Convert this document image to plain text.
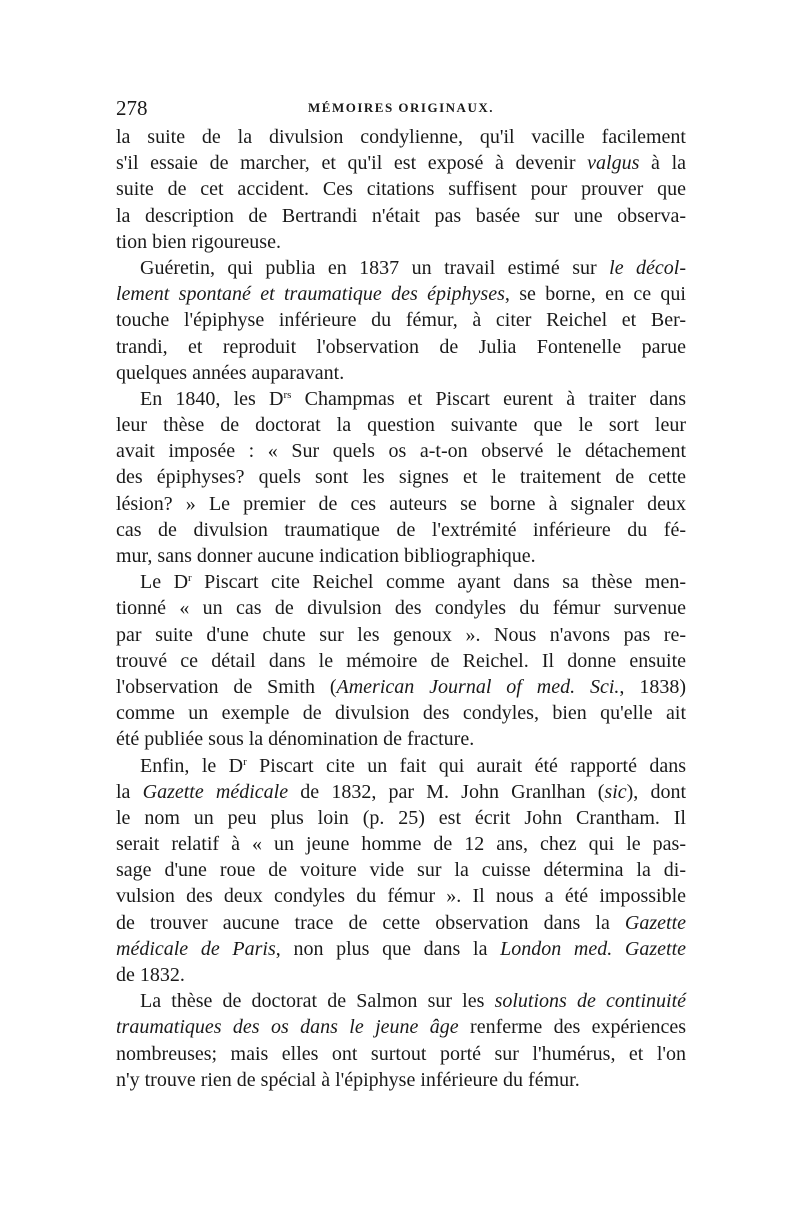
278	MÉMOIRES ORIGINAUX.
la suite de la divulsion condylienne, qu'il vacille facilement
s'il essaie de marcher, et qu'il est exposé à devenir valgus à la
suite de cet accident. Ces citations suffisent pour prouver que
la description de Bertrandi n'était pas basée sur une observa-
tion bien rigoureuse.
Guéretin, qui publia en 1837 un travail estimé sur le décol-
lement spontané et traumatique des épiphyses, se borne, en ce qui
touche l'épiphyse inférieure du fémur, à citer Reichel et Ber-
trandi, et reproduit l'observation de Julia Fontenelle parue
quelques années auparavant.
En 1840, les $D^{rs}$ Champmas et Piscart eurent à traiter dans
leur thèse de doctorat la question suivante que le sort leur
avait imposée : « Sur quels os a-t-on observé le détachement
des épiphyses? quels sont les signes et le traitement de cette
lésion? » Le premier de ces auteurs se borne à signaler deux
cas de divulsion traumatique de l'extrémité inférieure du fé-
mur, sans donner aucune indication bibliographique.
Le $D^r$ Piscart cite Reichel comme ayant dans sa thèse men-
tionné « un cas de divulsion des condyles du fémur survenue
par suite d'une chute sur les genoux ». Nous n'avons pas re-
trouvé ce détail dans le mémoire de Reichel. Il donne ensuite
l'observation de Smith (American Journal of med. Sci., 1838)
comme un exemple de divulsion des condyles, bien qu'elle ait
été publiée sous la dénomination de fracture.
Enfin, le $D^r$ Piscart cite un fait qui aurait été rapporté dans
la Gazette médicale de 1832, par M. John Granlhan (sic), dont
le nom un peu plus loin (p. 25) est écrit John Crantham. Il
serait relatif à « un jeune homme de 12 ans, chez qui le pas-
sage d'une roue de voiture vide sur la cuisse détermina la di-
vulsion des deux condyles du fémur ». Il nous a été impossible
de trouver aucune trace de cette observation dans la Gazette
médicale de Paris, non plus que dans la London med. Gazette
de 1832.
La thèse de doctorat de Salmon sur les solutions de continuité
traumatiques des os dans le jeune âge renferme des expériences
nombreuses; mais elles ont surtout porté sur l'humérus, et l'on
n'y trouve rien de spécial à l'épiphyse inférieure du fémur.
